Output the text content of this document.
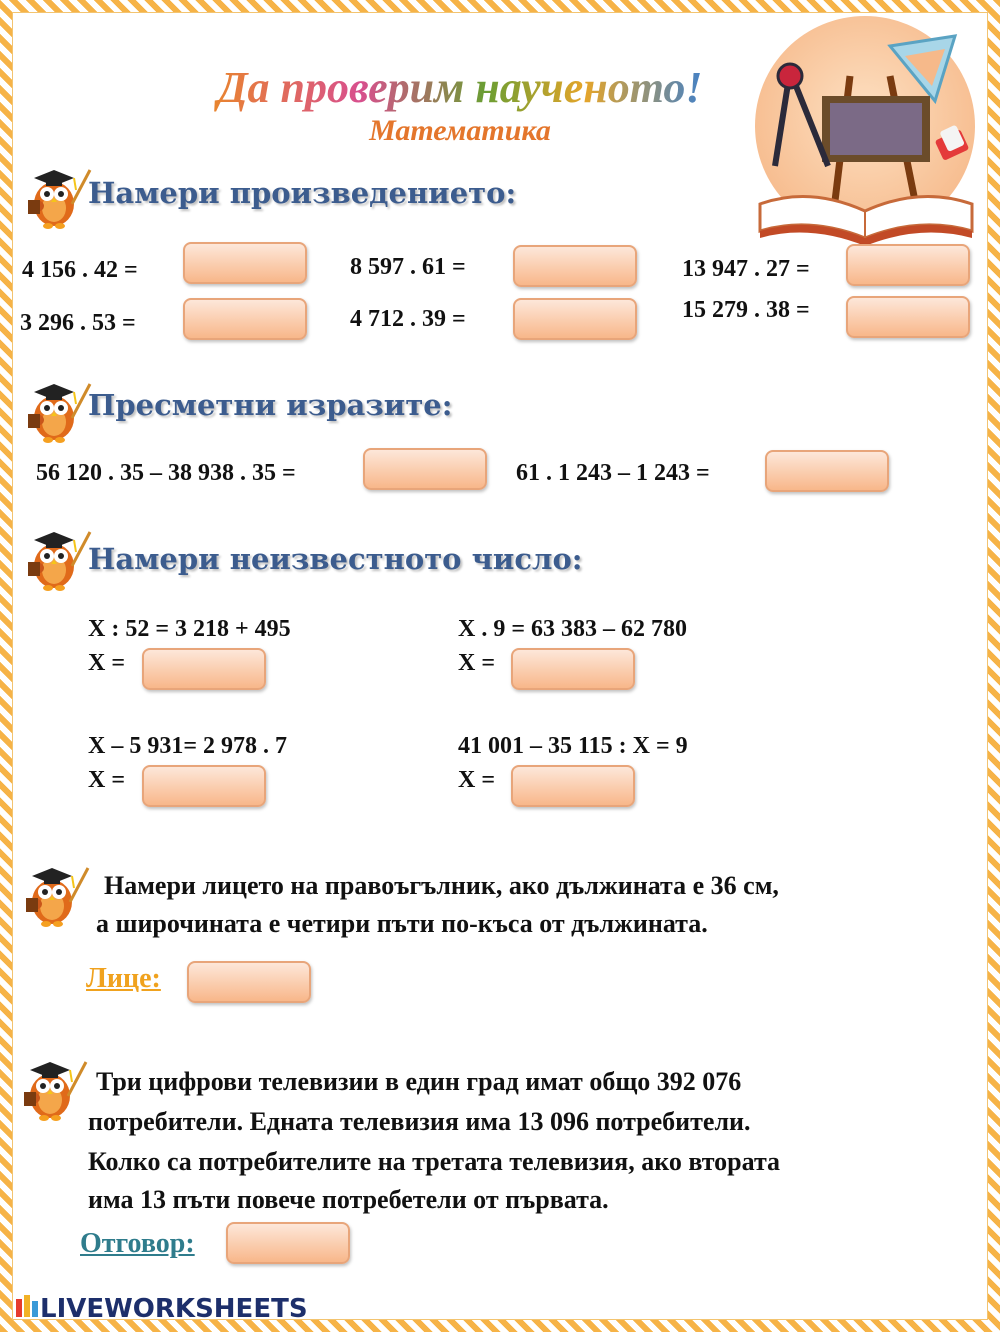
Да проверим наученото!
Математика
Намери произведението:
4 156 . 42 =
3 296 . 53 =
8 597 . 61 =
4 712 . 39 =
13 947 . 27 =
15 279 . 38 =
Пресметни изразите:
56 120 . 35 – 38 938 . 35 =	61 . 1 243 – 1 243 =
Намери неизвестното число:
X : 52 = 3 218 + 495
X =
X . 9 = 63 383 – 62 780
X =
X – 5 931= 2 978 . 7
X =
41 001 – 35 115 : X = 9
X =
Намери лицето на правоъгълник, ако дължината е 36 см,
а широчината е четири пъти по-къса от дължината.
Лице:
Три цифрови телевизии в един град имат общо 392 076
потребители. Едната телевизия има 13 096 потребители.
Колко са потребителите на третата телевизия, ако втората
има 13 пъти повече потребетели от първата.
Отговор:
LIVEWORKSHEETS
